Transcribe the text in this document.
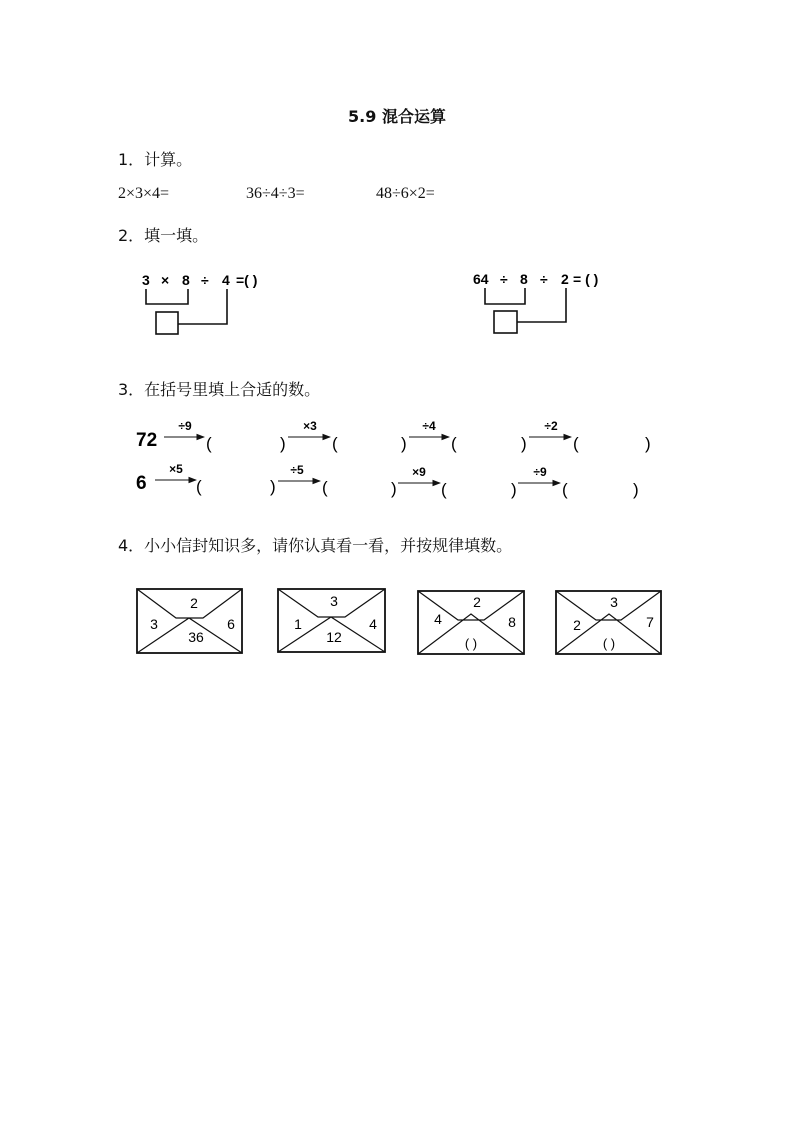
5.9 混合运算
1．计算。
2×3×4=	36÷4÷3=	48÷6×2=
2．填一填。
3 × 8 ÷ 4 =( )	64 ÷ 8 ÷ 2 = ( )
3．在括号里填上合适的数。
72
÷9	×3	÷4	÷2
(	)	(	)	(	)	(	)
6
×5	÷5	×9	÷9
(	)	(	)	(	)	(	)
4．小小信封知识多，请你认真看一看，并按规律填数。
2
3	6
36
3
1	4
12
2
4	8
( )
3
2	7
( )
